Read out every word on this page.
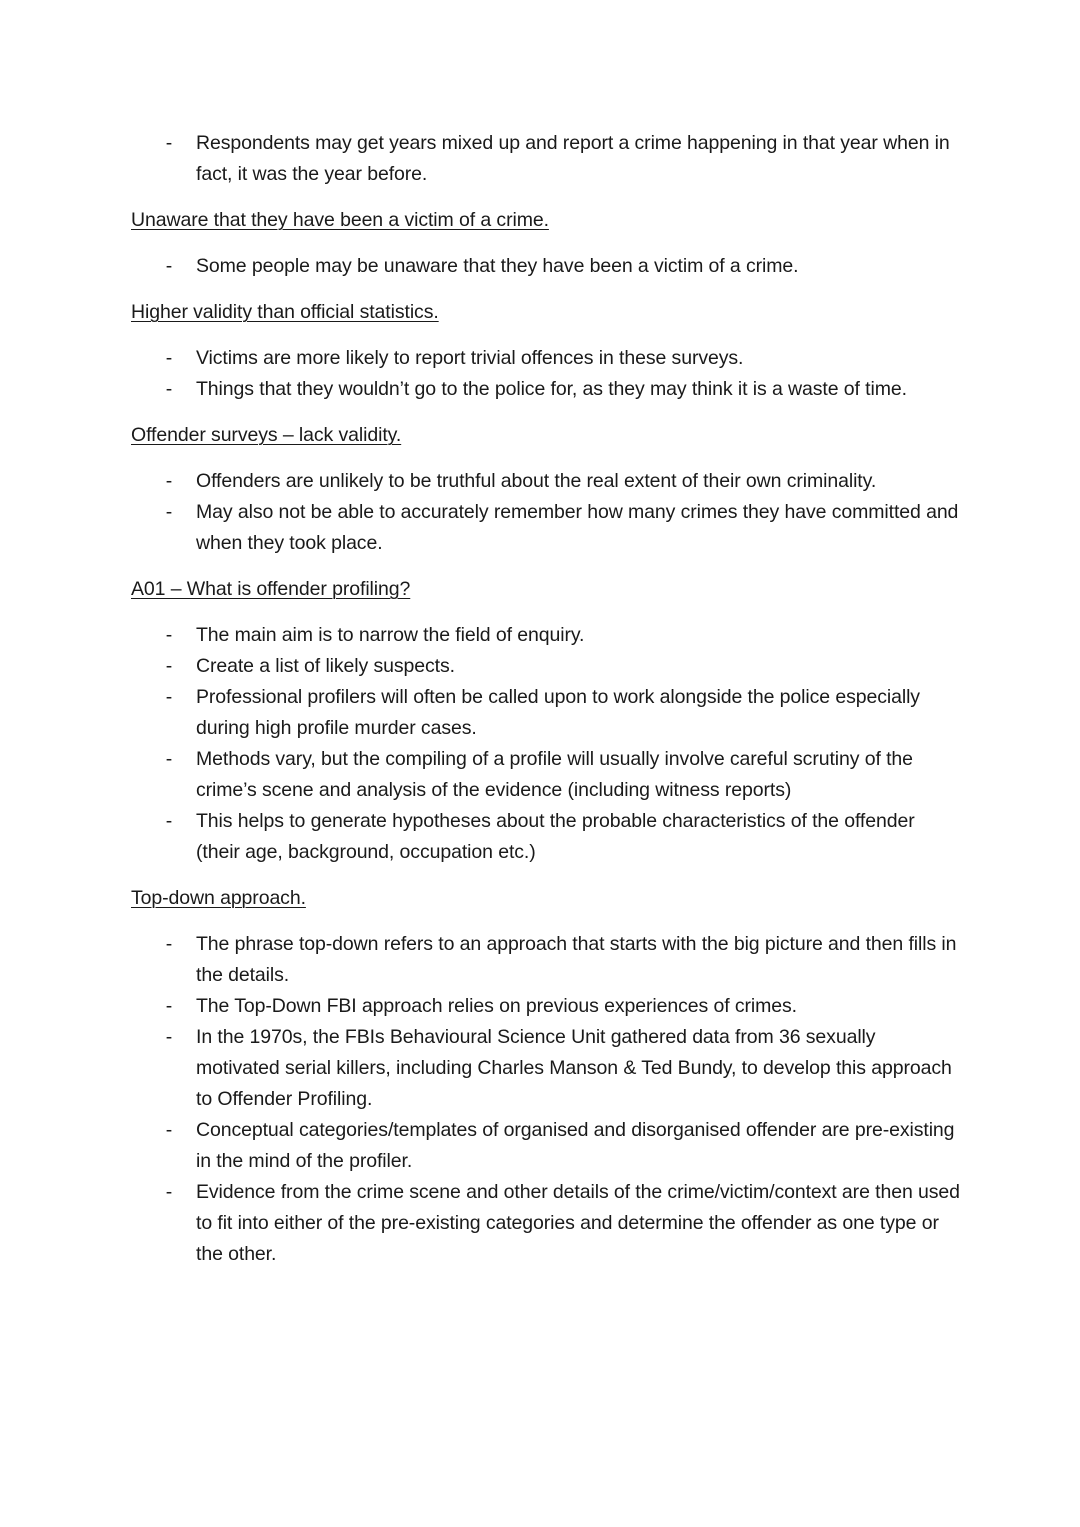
- Respondents may get years mixed up and report a crime happening in that year when in fact, it was the year before.
Unaware that they have been a victim of a crime.
- Some people may be unaware that they have been a victim of a crime.
Higher validity than official statistics.
- Victims are more likely to report trivial offences in these surveys.
- Things that they wouldn’t go to the police for, as they may think it is a waste of time.
Offender surveys – lack validity.
- Offenders are unlikely to be truthful about the real extent of their own criminality.
- May also not be able to accurately remember how many crimes they have committed and when they took place.
A01 – What is offender profiling?
- The main aim is to narrow the field of enquiry.
- Create a list of likely suspects.
- Professional profilers will often be called upon to work alongside the police especially during high profile murder cases.
- Methods vary, but the compiling of a profile will usually involve careful scrutiny of the crime’s scene and analysis of the evidence (including witness reports)
- This helps to generate hypotheses about the probable characteristics of the offender (their age, background, occupation etc.)
Top-down approach.
- The phrase top-down refers to an approach that starts with the big picture and then fills in the details.
- The Top-Down FBI approach relies on previous experiences of crimes.
- In the 1970s, the FBIs Behavioural Science Unit gathered data from 36 sexually motivated serial killers, including Charles Manson & Ted Bundy, to develop this approach to Offender Profiling.
- Conceptual categories/templates of organised and disorganised offender are pre-existing in the mind of the profiler.
- Evidence from the crime scene and other details of the crime/victim/context are then used to fit into either of the pre-existing categories and determine the offender as one type or the other.
